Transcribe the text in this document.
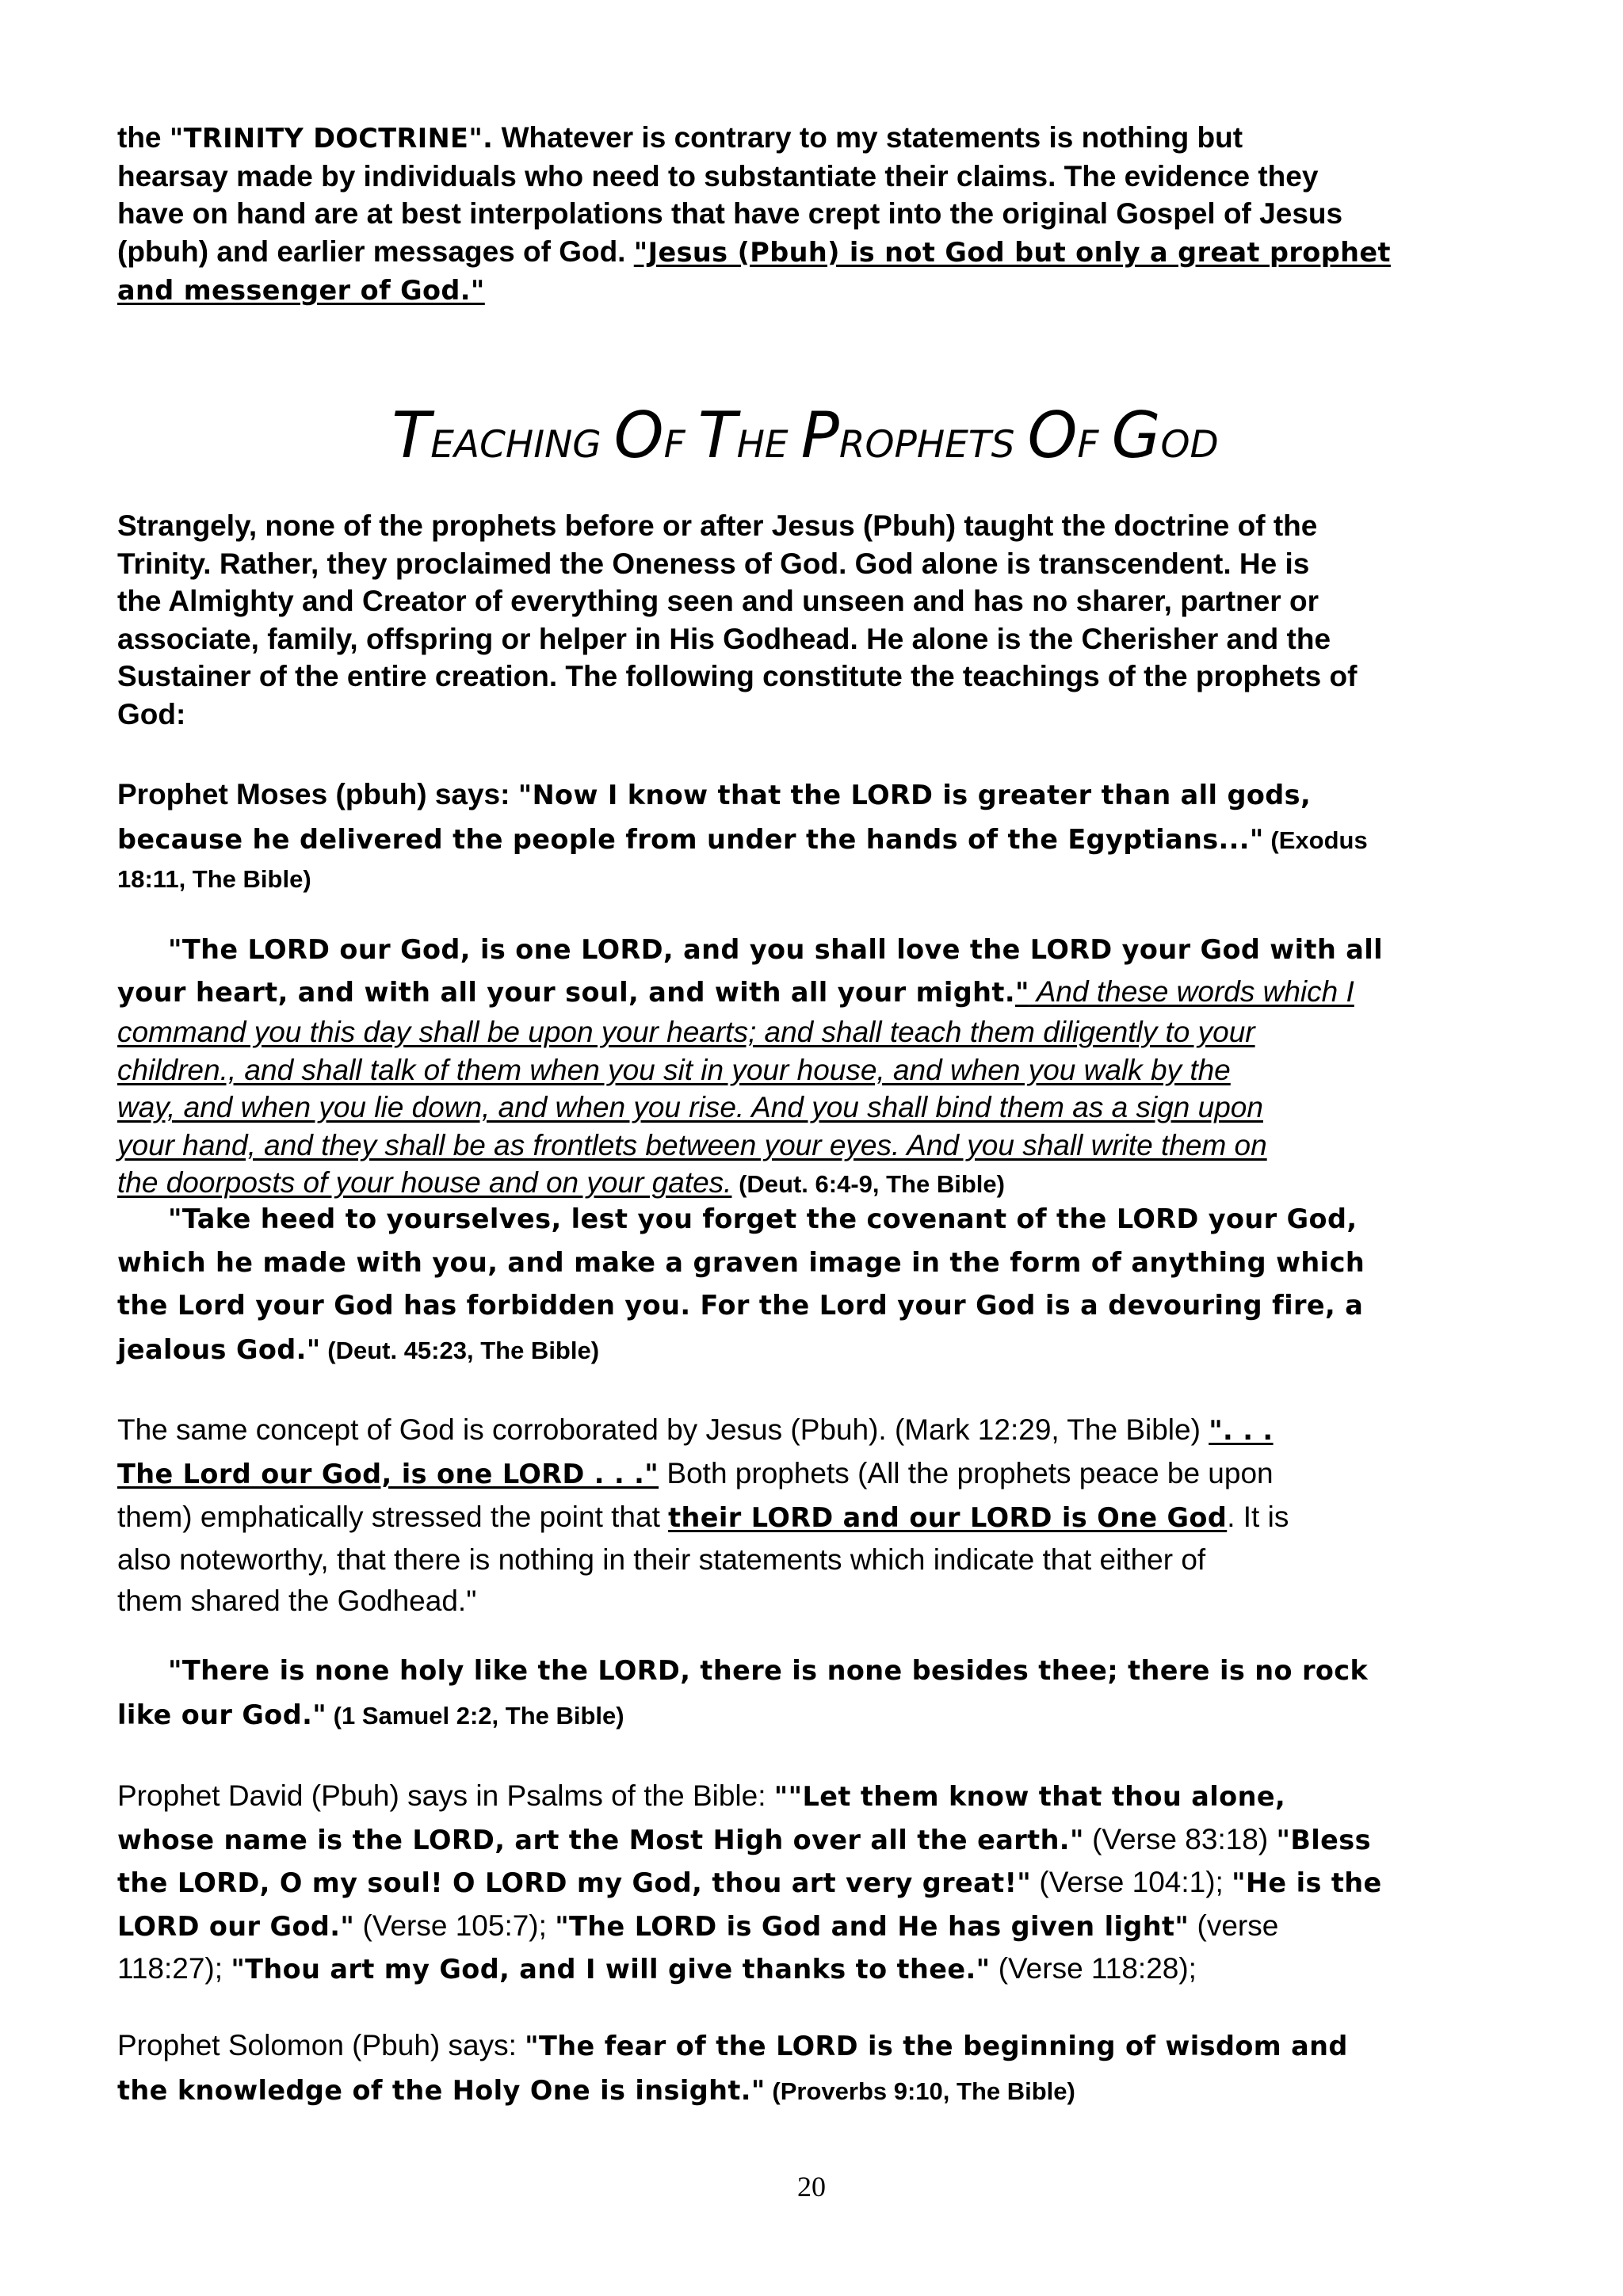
the "TRINITY DOCTRINE". Whatever is contrary to my statements is nothing but
hearsay made by individuals who need to substantiate their claims. The evidence they
have on hand are at best interpolations that have crept into the original Gospel of Jesus
(pbuh) and earlier messages of God. "Jesus (Pbuh) is not God but only a great prophet
and messenger of God."
TEACHING OF THE PROPHETS OF GOD
Strangely, none of the prophets before or after Jesus (Pbuh) taught the doctrine of the
Trinity. Rather, they proclaimed the Oneness of God. God alone is transcendent. He is
the Almighty and Creator of everything seen and unseen and has no sharer, partner or
associate, family, offspring or helper in His Godhead. He alone is the Cherisher and the
Sustainer of the entire creation. The following constitute the teachings of the prophets of
God:
Prophet Moses (pbuh) says: "Now I know that the LORD is greater than all gods,
because he delivered the people from under the hands of the Egyptians..." (Exodus
18:11, The Bible)
"The LORD our God, is one LORD, and you shall love the LORD your God with all
your heart, and with all your soul, and with all your might." And these words which I
command you this day shall be upon your hearts; and shall teach them diligently to your
children., and shall talk of them when you sit in your house, and when you walk by the
way, and when you lie down, and when you rise. And you shall bind them as a sign upon
your hand, and they shall be as frontlets between your eyes. And you shall write them on
the doorposts of your house and on your gates. (Deut. 6:4-9, The Bible)
"Take heed to yourselves, lest you forget the covenant of the LORD your God,
which he made with you, and make a graven image in the form of anything which
the Lord your God has forbidden you. For the Lord your God is a devouring fire, a
jealous God." (Deut. 45:23, The Bible)
The same concept of God is corroborated by Jesus (Pbuh). (Mark 12:29, The Bible) ". . .
The Lord our God, is one LORD . . ." Both prophets (All the prophets peace be upon
them) emphatically stressed the point that their LORD and our LORD is One God. It is
also noteworthy, that there is nothing in their statements which indicate that either of
them shared the Godhead."
"There is none holy like the LORD, there is none besides thee; there is no rock
like our God." (1 Samuel 2:2, The Bible)
Prophet David (Pbuh) says in Psalms of the Bible: ""Let them know that thou alone,
whose name is the LORD, art the Most High over all the earth." (Verse 83:18) "Bless
the LORD, O my soul! O LORD my God, thou art very great!" (Verse 104:1); "He is the
LORD our God." (Verse 105:7); "The LORD is God and He has given light" (verse
118:27); "Thou art my God, and I will give thanks to thee." (Verse 118:28);
Prophet Solomon (Pbuh) says: "The fear of the LORD is the beginning of wisdom and
the knowledge of the Holy One is insight." (Proverbs 9:10, The Bible)
20
